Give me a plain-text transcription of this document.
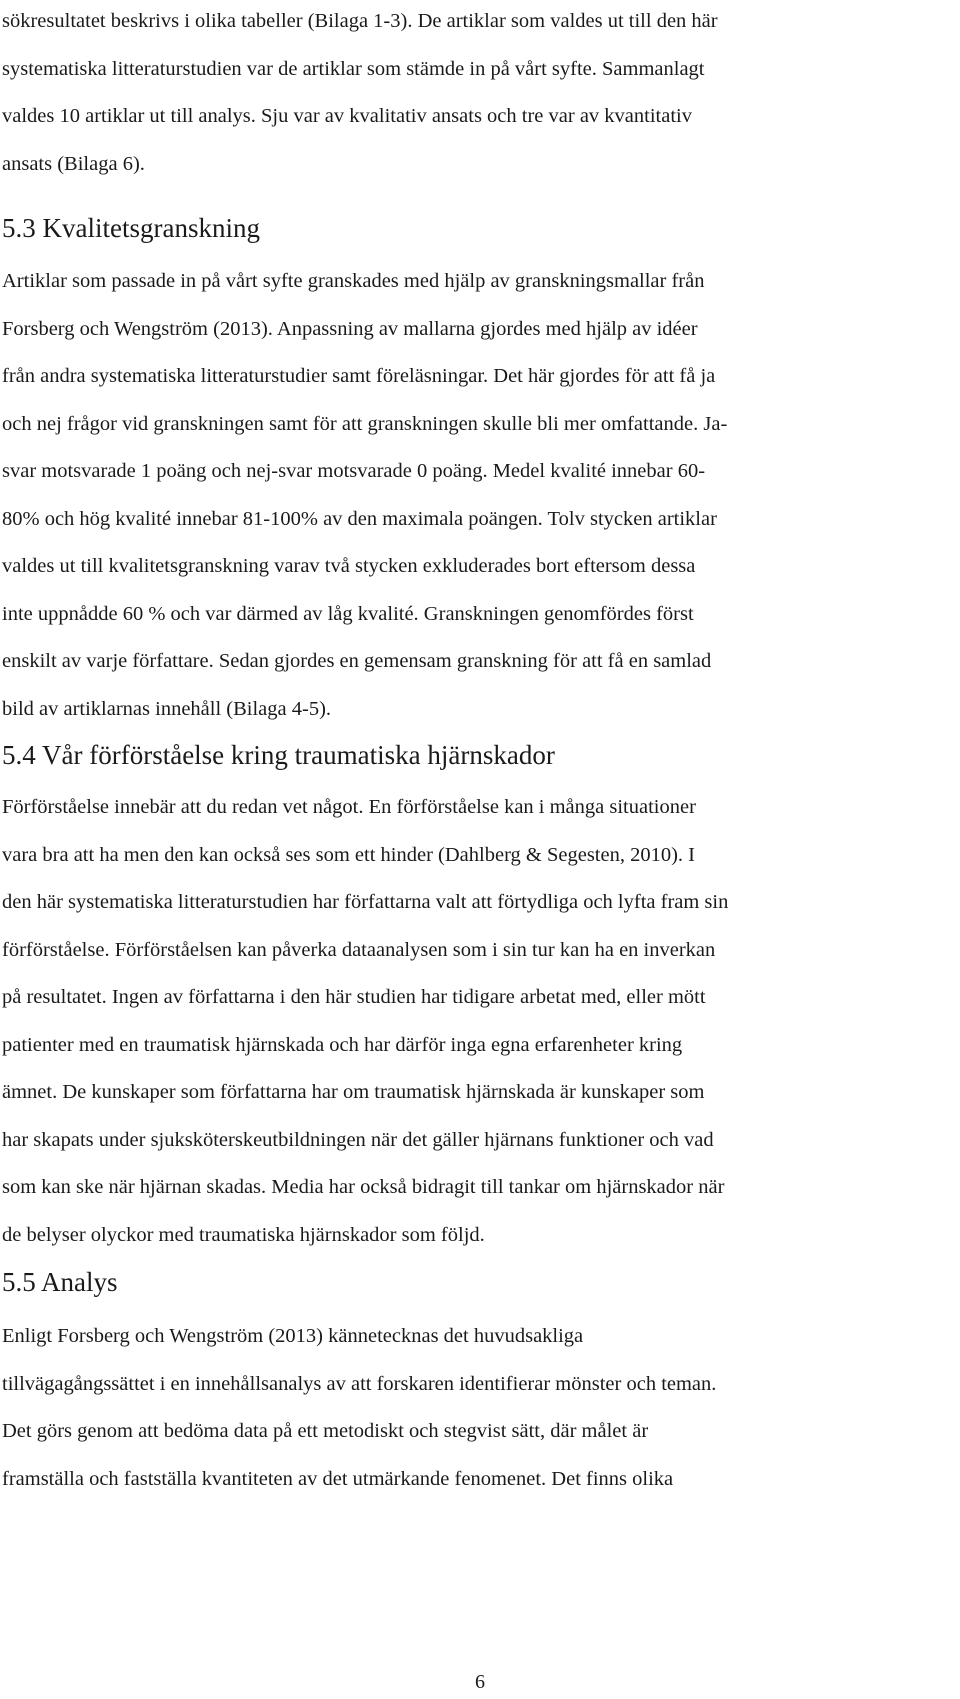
sökresultatet beskrivs i olika tabeller (Bilaga 1-3). De artiklar som valdes ut till den här
systematiska litteraturstudien var de artiklar som stämde in på vårt syfte. Sammanlagt
valdes 10 artiklar ut till analys. Sju var av kvalitativ ansats och tre var av kvantitativ
ansats (Bilaga 6).
5.3 Kvalitetsgranskning
Artiklar som passade in på vårt syfte granskades med hjälp av granskningsmallar från
Forsberg och Wengström (2013). Anpassning av mallarna gjordes med hjälp av idéer
från andra systematiska litteraturstudier samt föreläsningar. Det här gjordes för att få ja
och nej frågor vid granskningen samt för att granskningen skulle bli mer omfattande. Ja-
svar motsvarade 1 poäng och nej-svar motsvarade 0 poäng. Medel kvalité innebar 60-
80% och hög kvalité innebar 81-100% av den maximala poängen. Tolv stycken artiklar
valdes ut till kvalitetsgranskning varav två stycken exkluderades bort eftersom dessa
inte uppnådde 60 % och var därmed av låg kvalité. Granskningen genomfördes först
enskilt av varje författare. Sedan gjordes en gemensam granskning för att få en samlad
bild av artiklarnas innehåll (Bilaga 4-5).
5.4 Vår förförståelse kring traumatiska hjärnskador
Förförståelse innebär att du redan vet något. En förförståelse kan i många situationer
vara bra att ha men den kan också ses som ett hinder (Dahlberg & Segesten, 2010). I
den här systematiska litteraturstudien har författarna valt att förtydliga och lyfta fram sin
förförståelse. Förförståelsen kan påverka dataanalysen som i sin tur kan ha en inverkan
på resultatet. Ingen av författarna i den här studien har tidigare arbetat med, eller mött
patienter med en traumatisk hjärnskada och har därför inga egna erfarenheter kring
ämnet. De kunskaper som författarna har om traumatisk hjärnskada är kunskaper som
har skapats under sjuksköterskeutbildningen när det gäller hjärnans funktioner och vad
som kan ske när hjärnan skadas. Media har också bidragit till tankar om hjärnskador när
de belyser olyckor med traumatiska hjärnskador som följd.
5.5 Analys
Enligt Forsberg och Wengström (2013) kännetecknas det huvudsakliga
tillvägagångssättet i en innehållsanalys av att forskaren identifierar mönster och teman.
Det görs genom att bedöma data på ett metodiskt och stegvist sätt, där målet är
framställa och fastställa kvantiteten av det utmärkande fenomenet. Det finns olika
6
